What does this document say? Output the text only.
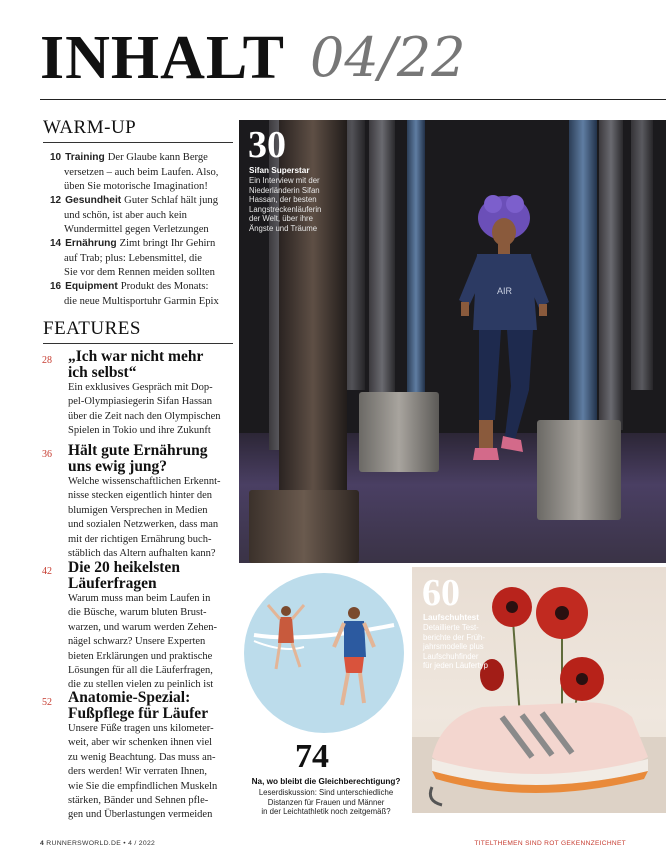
INHALT 04/22
WARM-UP
10 Training Der Glaube kann Berge
versetzen – auch beim Laufen. Also,
üben Sie motorische Imagination!
12 Gesundheit Guter Schlaf hält jung
und schön, ist aber auch kein
Wundermittel gegen Verletzungen
14 Ernährung Zimt bringt Ihr Gehirn
auf Trab; plus: Lebensmittel, die
Sie vor dem Rennen meiden sollten
16 Equipment Produkt des Monats:
die neue Multisportuhr Garmin Epix
FEATURES
28 „Ich war nicht mehr
ich selbst“
Ein exklusives Gespräch mit Dop-
pel-Olympiasiegerin Sifan Hassan
über die Zeit nach den Olympischen
Spielen in Tokio und ihre Zukunft
36 Hält gute Ernährung
uns ewig jung?
Welche wissenschaftlichen Erkennt-
nisse stecken eigentlich hinter den
blumigen Versprechen in Medien
und sozialen Netzwerken, dass man
mit der richtigen Ernährung buch-
stäblich das Altern aufhalten kann?
42 Die 20 heikelsten
Läuferfragen
Warum muss man beim Laufen in
die Büsche, warum bluten Brust-
warzen, und warum werden Zehen-
nägel schwarz? Unsere Experten
bieten Erklärungen und praktische
Lösungen für all die Läuferfragen,
die zu stellen vielen zu peinlich ist
52 Anatomie-Spezial:
Fußpflege für Läufer
Unsere Füße tragen uns kilometer-
weit, aber wir schenken ihnen viel
zu wenig Beachtung. Das muss an-
ders werden! Wir verraten Ihnen,
wie Sie die empfindlichen Muskeln
stärken, Bänder und Sehnen pfle-
gen und Überlastungen vermeiden
AIR
30
Sifan Superstar
Ein Interview mit der
Niederländerin Sifan
Hassan, der besten
Langstreckenläuferin
der Welt, über ihre
Ängste und Träume
74
Na, wo bleibt die Gleichberechtigung?
Leserdiskussion: Sind unterschiedliche
Distanzen für Frauen und Männer
in der Leichtathletik noch zeitgemäß?
60
Laufschuhtest
Detaillierte Test-
berichte der Früh-
jahrsmodelle plus
Laufschuhfinder
für jeden Läufertyp
4 RUNNERSWORLD.DE • 4 / 2022	TITELTHEMEN SIND ROT GEKENNZEICHNET
